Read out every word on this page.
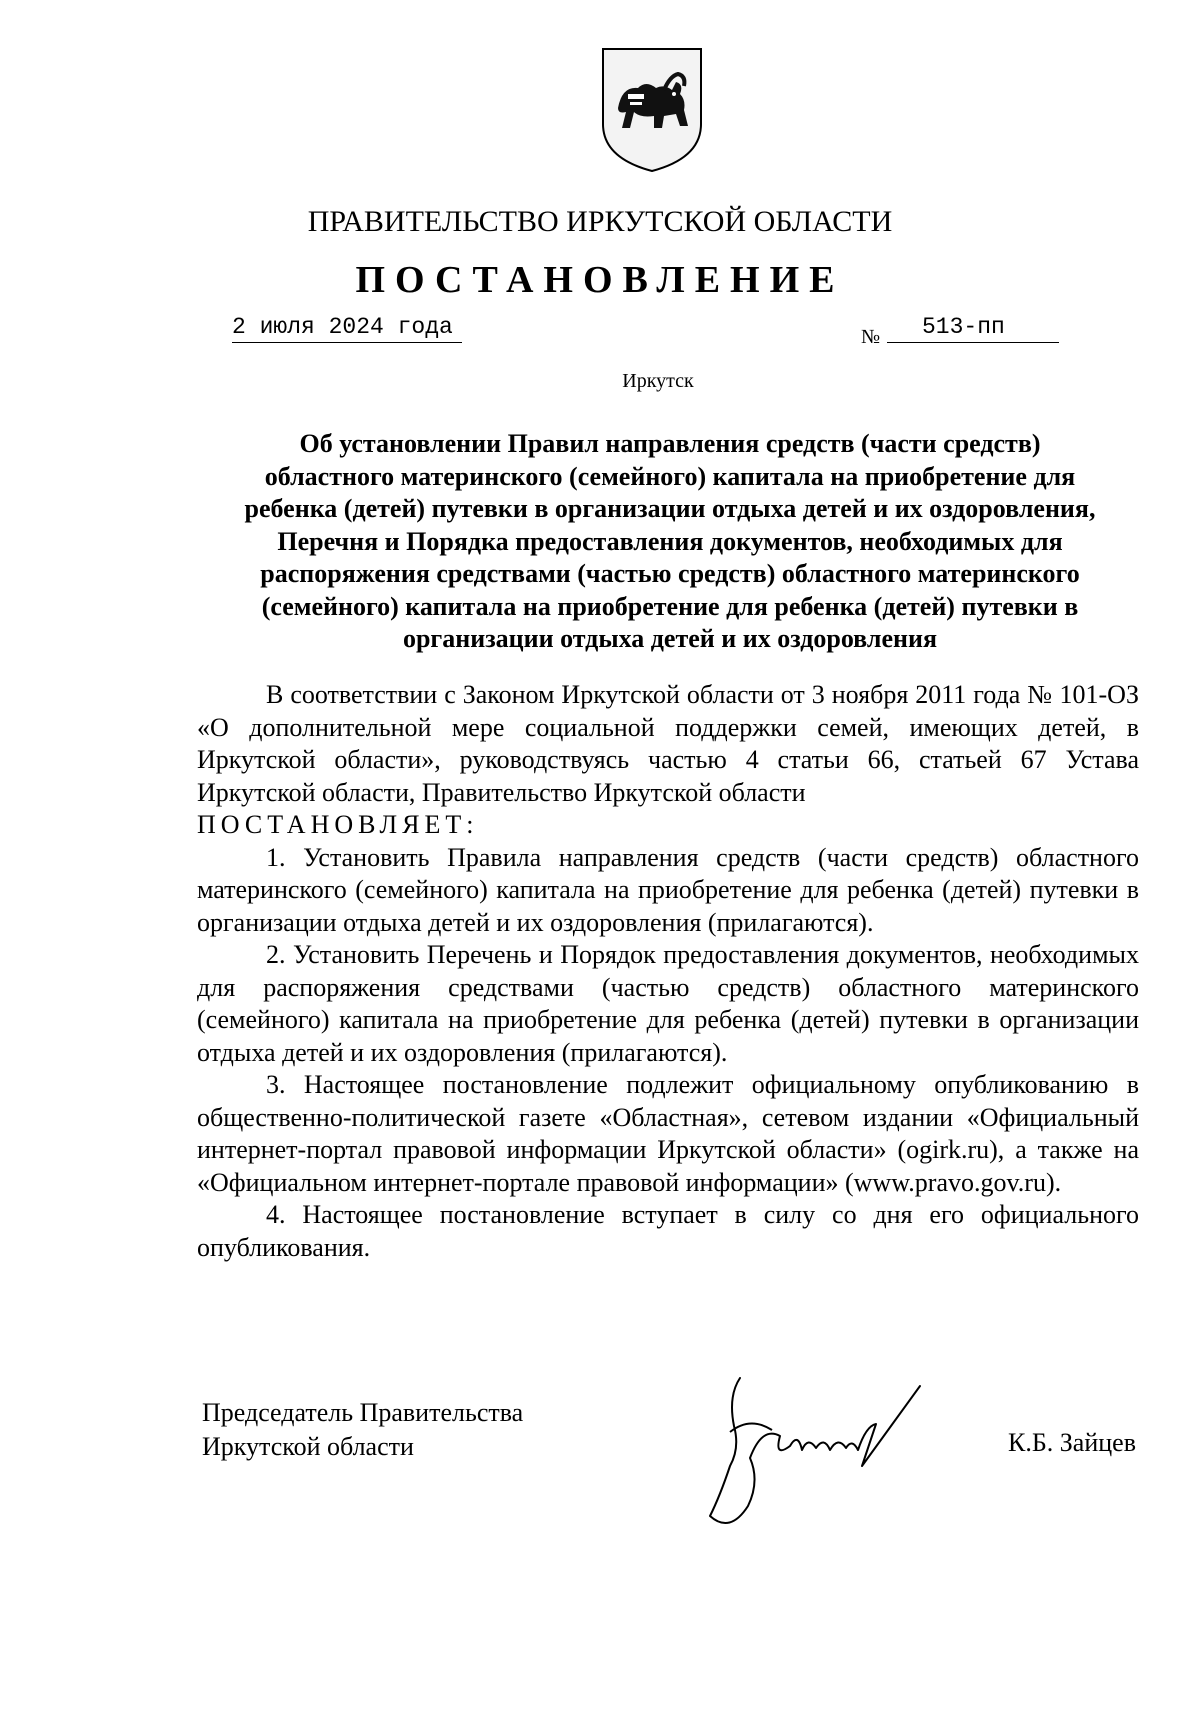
ПРАВИТЕЛЬСТВО ИРКУТСКОЙ ОБЛАСТИ
ПОСТАНОВЛЕНИЕ
2 июля 2024 года	№	513-пп
Иркутск
Об установлении Правил направления средств (части средств)
областного материнского (семейного) капитала на приобретение для
ребенка (детей) путевки в организации отдыха детей и их оздоровления,
Перечня и Порядка предоставления документов, необходимых для
распоряжения средствами (частью средств) областного материнского
(семейного) капитала на приобретение для ребенка (детей) путевки в
организации отдыха детей и их оздоровления

В соответствии с Законом Иркутской области от 3 ноября 2011 года № 101-ОЗ «О дополнительной мере социальной поддержки семей, имеющих детей, в Иркутской области», руководствуясь частью 4 статьи 66, статьей 67 Устава Иркутской области, Правительство Иркутской области

ПОСТАНОВЛЯЕТ:

1. Установить Правила направления средств (части средств) областного материнского (семейного) капитала на приобретение для ребенка (детей) путевки в организации отдыха детей и их оздоровления (прилагаются).

2. Установить Перечень и Порядок предоставления документов, необходимых для распоряжения средствами (частью средств) областного материнского (семейного) капитала на приобретение для ребенка (детей) путевки в организации отдыха детей и их оздоровления (прилагаются).

3. Настоящее постановление подлежит официальному опубликованию в общественно-политической газете «Областная», сетевом издании «Официальный интернет-портал правовой информации Иркутской области» (ogirk.ru), а также на «Официальном интернет-портале правовой информации» (www.pravo.gov.ru).

4. Настоящее постановление вступает в силу со дня его официального опубликования.

Председатель Правительства
Иркутской области	К.Б. Зайцев
